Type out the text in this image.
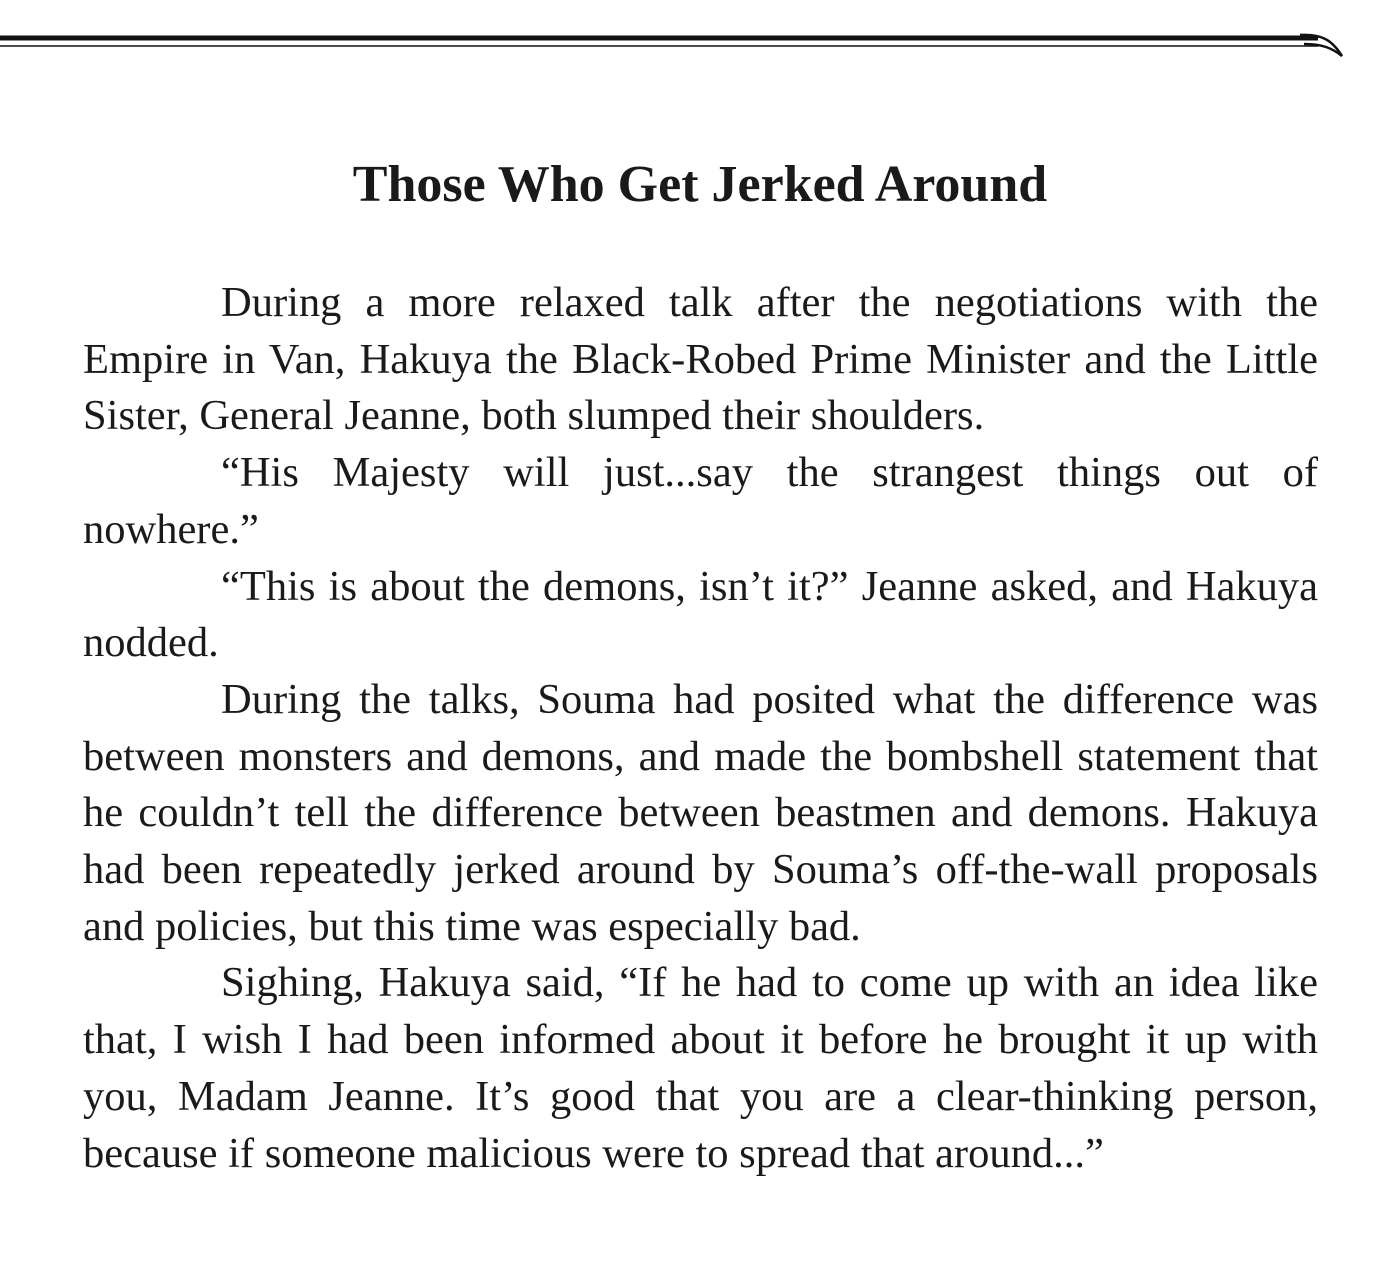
Those Who Get Jerked Around

During a more relaxed talk after the negotiations with the Empire in Van, Hakuya the Black-Robed Prime Minister and the Little Sister, General Jeanne, both slumped their shoulders.

“His Majesty will just...say the strangest things out of nowhere.”

“This is about the demons, isn’t it?” Jeanne asked, and Hakuya nodded.

During the talks, Souma had posited what the difference was between monsters and demons, and made the bombshell statement that he couldn’t tell the difference between beastmen and demons. Hakuya had been repeatedly jerked around by Souma’s off-the-wall proposals and policies, but this time was especially bad.

Sighing, Hakuya said, “If he had to come up with an idea like that, I wish I had been informed about it before he brought it up with you, Madam Jeanne. It’s good that you are a clear-thinking person, because if someone malicious were to spread that around...”
